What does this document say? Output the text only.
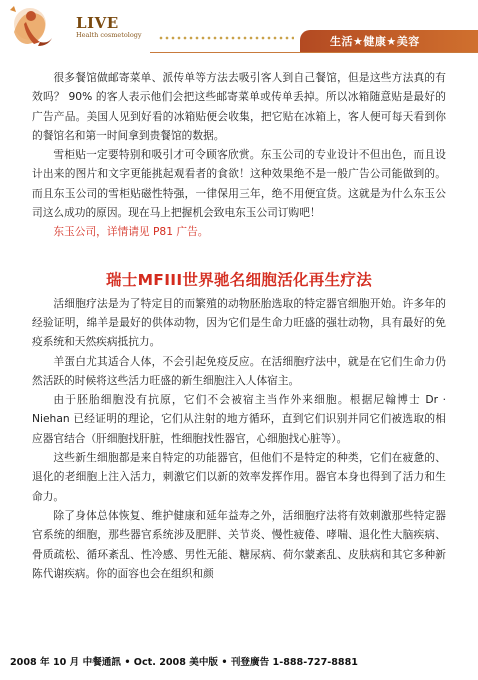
LIVE
Health cosmetology	生活★健康★美容

很多餐馆做邮寄菜单、派传单等方法去吸引客人到自己餐馆，但是这些方法真的有效吗？ 90% 的客人表示他们会把这些邮寄菜单或传单丢掉。所以冰箱随意贴是最好的广告产品。美国人见到好看的冰箱贴便会收集，把它贴在冰箱上，客人便可每天看到你的餐馆名和第一时间拿到贵餐馆的数据。

雪柜贴一定要特别和吸引才可令顾客欣赏。东玉公司的专业设计不但出色，而且设计出来的图片和文字更能挑起观看者的食欲！这种效果绝不是一般广告公司能做到的。而且东玉公司的雪柜贴磁性特强，一律保用三年，绝不用便宜货。这就是为什么东玉公司这么成功的原因。现在马上把握机会致电东玉公司订购吧！

东玉公司，详情请见 P81 广告。

瑞士MFIII世界驰名细胞活化再生疗法

活细胞疗法是为了特定目的而繁殖的动物胚胎选取的特定器官细胞开始。许多年的经验证明，绵羊是最好的供体动物，因为它们是生命力旺盛的强壮动物，具有最好的免疫系统和天然疾病抵抗力。

羊蛋白尤其适合人体，不会引起免疫反应。在活细胞疗法中，就是在它们生命力仍然活跃的时候将这些活力旺盛的新生细胞注入人体宿主。

由于胚胎细胞没有抗原，它们不会被宿主当作外来细胞。根据尼翰博士 Dr · Niehan 已经证明的理论，它们从注射的地方循环，直到它们识别并同它们被选取的相应器官结合（肝细胞找肝脏，性细胞找性器官，心细胞找心脏等）。

这些新生细胞都是来自特定的功能器官，但他们不是特定的种类，它们在疲惫的、退化的老细胞上注入活力，刺激它们以新的效率发挥作用。器官本身也得到了活力和生命力。

除了身体总体恢复、维护健康和延年益寿之外，活细胞疗法将有效刺激那些特定器官系统的细胞，那些器官系统涉及肥胖、关节炎、慢性疲倦、哮喘、退化性大脑疾病、骨质疏松、循环紊乱、性冷感、男性无能、糖尿病、荷尔蒙紊乱、皮肤病和其它多种新陈代谢疾病。你的面容也会在组织和颜

2008 年 10 月 中餐通訊 • Oct. 2008 美中版 • 刊登廣告 1-888-727-8881
